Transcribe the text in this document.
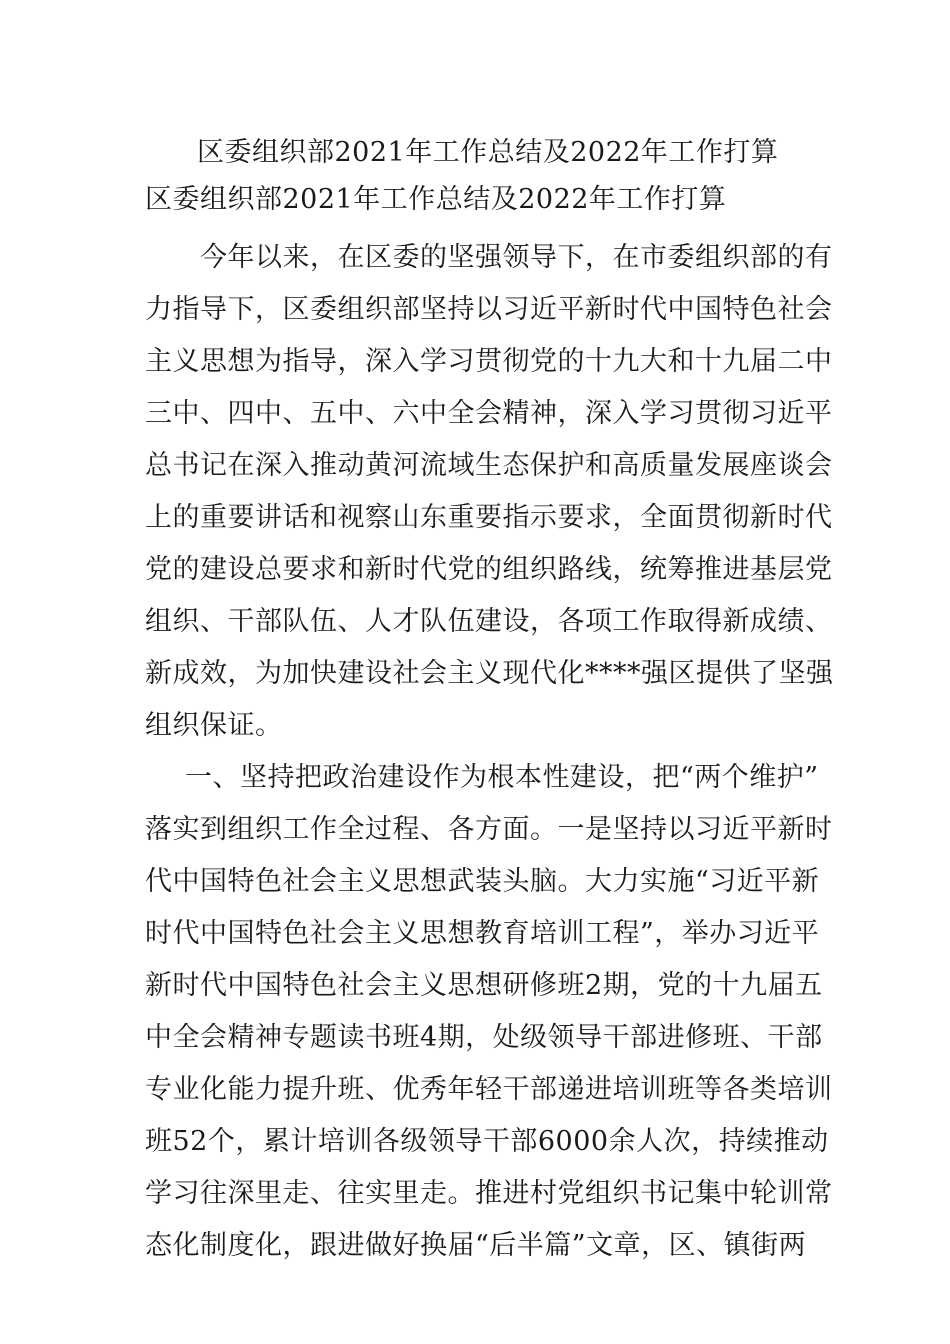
区委组织部2021年工作总结及2022年工作打算
区委组织部2021年工作总结及2022年工作打算
今年以来，在区委的坚强领导下，在市委组织部的有
力指导下，区委组织部坚持以习近平新时代中国特色社会
主义思想为指导，深入学习贯彻党的十九大和十九届二中
三中、四中、五中、六中全会精神，深入学习贯彻习近平
总书记在深入推动黄河流域生态保护和高质量发展座谈会
上的重要讲话和视察山东重要指示要求，全面贯彻新时代
党的建设总要求和新时代党的组织路线，统筹推进基层党
组织、干部队伍、人才队伍建设，各项工作取得新成绩、
新成效，为加快建设社会主义现代化****强区提供了坚强
组织保证。
一、坚持把政治建设作为根本性建设，把“两个维护”
落实到组织工作全过程、各方面。一是坚持以习近平新时
代中国特色社会主义思想武装头脑。大力实施“习近平新
时代中国特色社会主义思想教育培训工程”，举办习近平
新时代中国特色社会主义思想研修班2期，党的十九届五
中全会精神专题读书班4期，处级领导干部进修班、干部
专业化能力提升班、优秀年轻干部递进培训班等各类培训
班52个，累计培训各级领导干部6000余人次，持续推动
学习往深里走、往实里走。推进村党组织书记集中轮训常
态化制度化，跟进做好换届“后半篇”文章，区、镇街两
